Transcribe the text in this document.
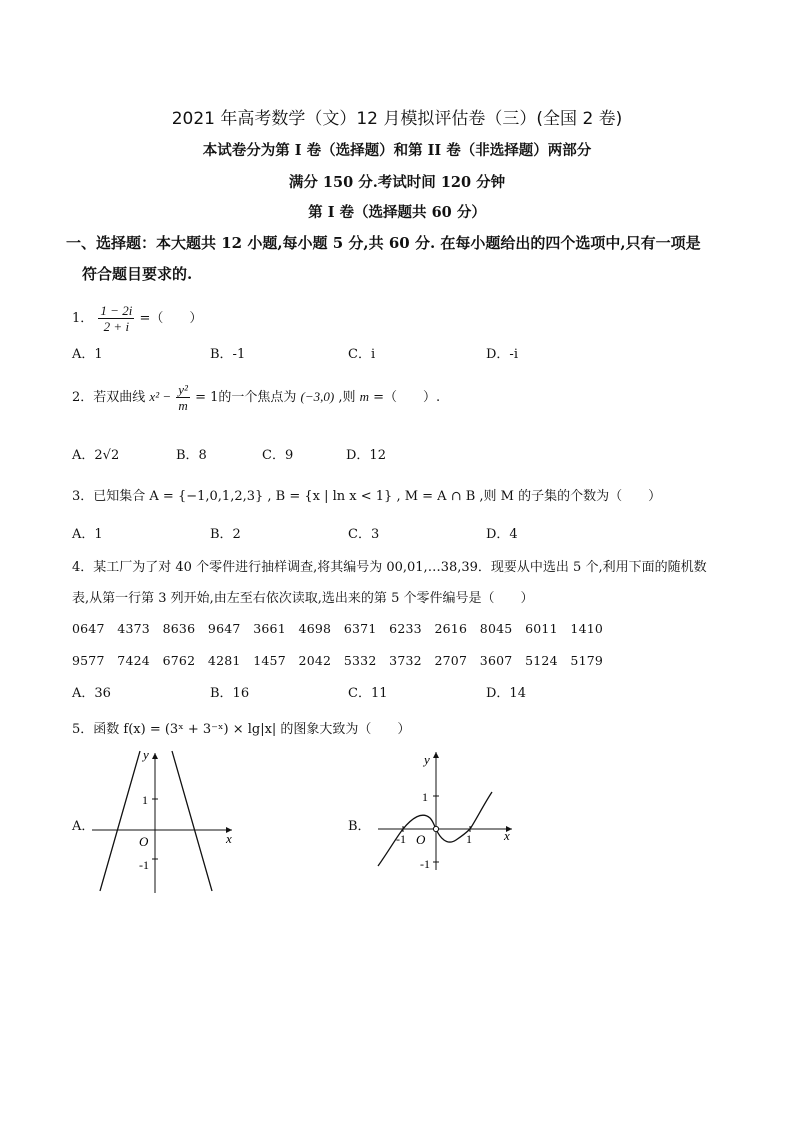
2021 年高考数学（文）12 月模拟评估卷（三）(全国 2 卷)
本试卷分为第 I 卷（选择题）和第 II 卷（非选择题）两部分
满分 150 分.考试时间 120 分钟
第 I 卷（选择题共 60 分）
一、选择题：本大题共 12 小题,每小题 5 分,共 60 分. 在每小题给出的四个选项中,只有一项是
符合题目要求的.
1． $\frac{1 - 2i}{2 + i}$ =（　　）
A．1	B．-1	C．i	D．-i
2．若双曲线 $x^2 - \frac{\text{y²}}{m} = 1$的一个焦点为 (−3,0) ,则 m =（　　）.
A．2√2	B．8	C．9	D．12
3．已知集合 A = {−1,0,1,2,3} , B = {x | ln x < 1} , M = A ∩ B ,则 M 的子集的个数为（　　）
A．1	B．2	C．3	D．4
4．某工厂为了对 40 个零件进行抽样调查,将其编号为 00,01,…38,39．现要从中选出 5 个,利用下面的随机数
表,从第一行第 3 列开始,由左至右依次读取,选出来的第 5 个零件编号是（　　）
0647　4373　8636　9647　3661　4698　6371　6233　2616　8045　6011　1410
9577　7424　6762　4281　1457　2042　5332　3732　2707　3607　5124　5179
A．36	B．16	C．11	D．14
5．函数 f(x) = (3ˣ + 3⁻ˣ) × lg|x| 的图象大致为（　　）
A．
y
x
O
1
-1
B．
y
x
O
1
-1
-1	1
